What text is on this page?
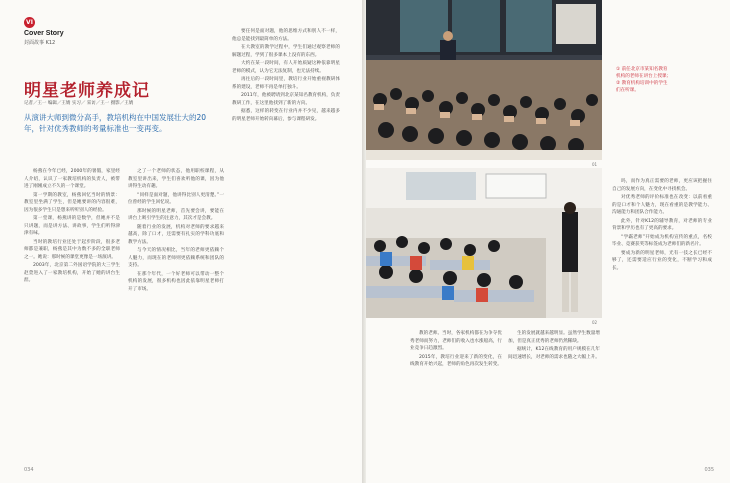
VI
Cover Story
封面故事 K12
明星老师养成记
记者／王一 编辑／王婧 实习／ 采访／王一 摄影／王婧
从演讲大师到微分高手，教培机构在中国发展壮大的20年，针对优秀教师的考量标准也一变再变。

杨燕在今年已经，2000年的暑假，家里经人介绍，认识了一家教培机构的负责人，被带进了刚刚成立不久的一个课堂。

第一学期的教室，杨燕回忆当时的情景：教室里坐满了学生，但是她要讲的内容很难，因为很多学生只是想来听听别人的经验。

第一堂课，杨燕讲的是数学，但她并不是只讲题，而是讲方法、讲故事，学生们听得津津有味。

当时的教培行业还处于起步阶段，很多老师都是兼职，杨燕是其中为数不多的全职老师之一。她说：那时候的课堂更像是一场演讲。

2003年，北京第二外国语学院的大三学生赵萱进入了一家教培机构，开始了她的讲台生涯。

之了一个老师的状态，他用职校课程，从教室里讲出来，学生们喜欢听他的课，因为他讲得生动有趣。

“同样是面对题，他讲得比别人更清楚。”一位曾经的学生回忆说。

那时候的明星老师，首先要会讲，要能在讲台上吸引学生的注意力，其次才是会教。

随着行业的发展，机构对老师的要求越来越高，除了口才，还需要有扎实的学科功底和教学方法。

与今天的情况相比，当年的老师更依赖个人魅力，而现在的老师则更依赖系统和团队的支持。

在那个年代，一个好老师可以带动一整个机构的发展，很多机构也因此依靠明星老师打开了市场。

要任何是面对题，他的思维方式和别人不一样，他总是能找到最简单的方法。

在大教室的教学过程中，学生们通过观察老师的解题过程，学到了很多课本上没有的东西。

大约在某一段时间，有人开始质疑这种依靠明星老师的模式，认为它无法复制，也无法持续。

再往后的一段时间里，教培行业开始重视教研体系的建设，老师不再是单打独斗。

2011年，他被聘请到北京某知名教育机构，负责教研工作，在这里他找到了新的方向。

据悉，这样的转变在行业内并不少见，越来越多的明星老师开始转向幕后，参与课程研发。

034
01
① 前任北京市某知名教育机构的老师在讲台上授课；② 教育机构培训中的学生们在听课。
02

教的老师。当时，各家机构都在为争夺优秀老师而努力，老师们的收入也水涨船高，行业竞争日趋激烈。

2015年，教培行业迎来了新的变化，在线教育开始兴起，老师的角色再次发生转变。

生的发展就越来越明显。虽然学生数量增加，但是真正优秀的老师仍然稀缺。

据统计，K12在线教育的用户规模在几年间迅速增长，对老师的需求也随之大幅上升。

吗，而作为真正需要的老师，更应该把握住自己的发展方向，在变化中寻找机会。

对优秀老师的评价标准也在改变：以前看重的是口才和个人魅力，现在看重的是教学能力、沟通能力和团队合作能力。

此外，针对K12的辅导教育，对老师的专业背景和学历也有了更高的要求。

“学霸老师”开始成为机构宣传的重点，名校毕业、竞赛获奖等标签成为老师们的新名片。

要成为新的明星老师，光有一技之长已经不够了，还需要适应行业的变化，不断学习和成长。

035
